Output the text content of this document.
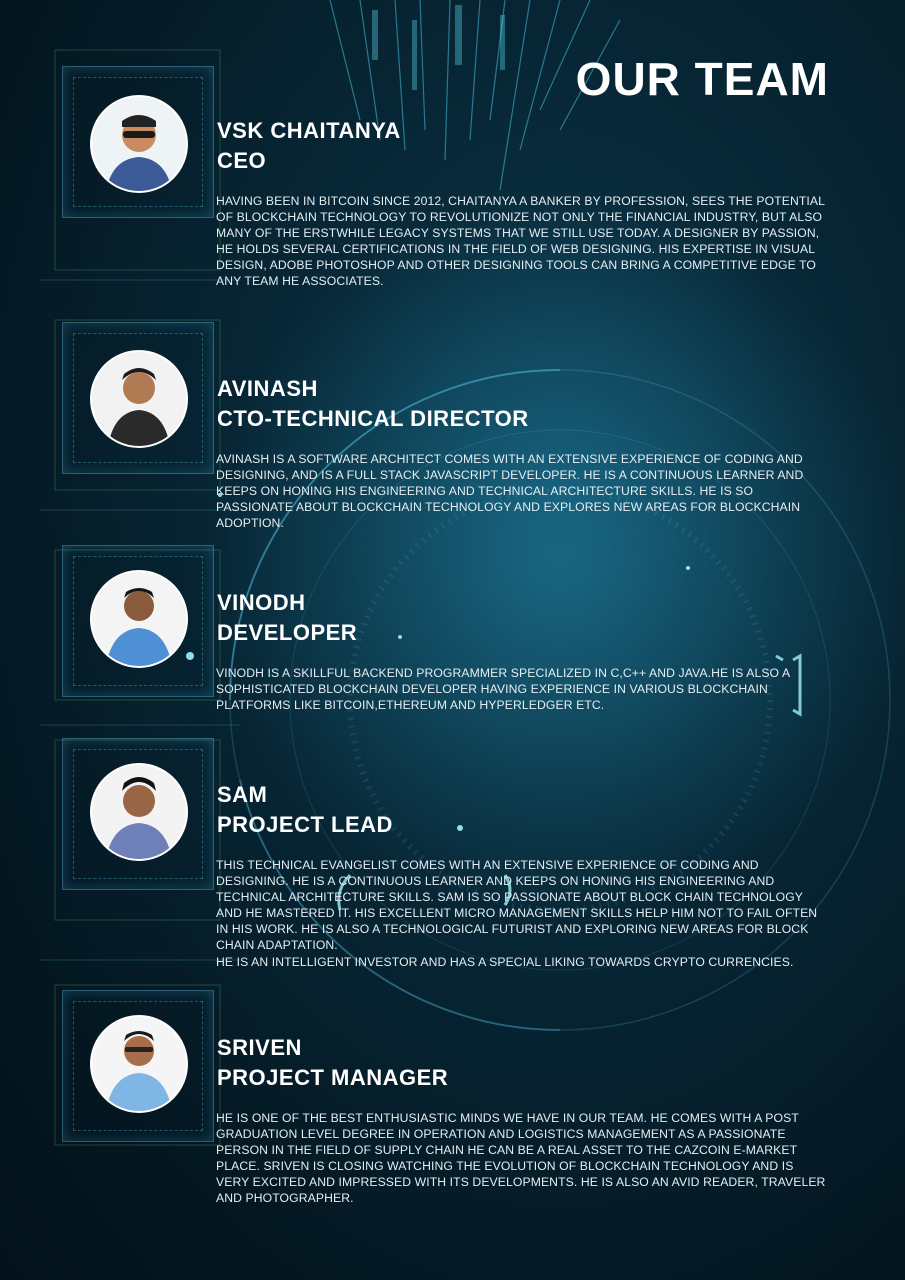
OUR TEAM
VSK CHAITANYA
CEO

HAVING BEEN IN BITCOIN SINCE 2012, CHAITANYA A BANKER BY PROFESSION, SEES THE POTENTIAL OF BLOCKCHAIN TECHNOLOGY TO REVOLUTIONIZE NOT ONLY THE FINANCIAL INDUSTRY, BUT ALSO MANY OF THE ERSTWHILE LEGACY SYSTEMS THAT WE STILL USE TODAY. A DESIGNER BY PASSION, HE HOLDS SEVERAL CERTIFICATIONS IN THE FIELD OF WEB DESIGNING. HIS EXPERTISE IN VISUAL DESIGN, ADOBE PHOTOSHOP AND OTHER DESIGNING TOOLS CAN BRING A COMPETITIVE EDGE TO ANY TEAM HE ASSOCIATES.

AVINASH
CTO-TECHNICAL DIRECTOR

AVINASH IS A SOFTWARE ARCHITECT COMES WITH AN EXTENSIVE EXPERIENCE OF CODING AND DESIGNING, AND IS A FULL STACK JAVASCRIPT DEVELOPER. HE IS A CONTINUOUS LEARNER AND KEEPS ON HONING HIS ENGINEERING AND TECHNICAL ARCHITECTURE SKILLS. HE IS SO PASSIONATE ABOUT BLOCKCHAIN TECHNOLOGY AND EXPLORES NEW AREAS FOR BLOCKCHAIN ADOPTION.

VINODH
DEVELOPER

VINODH IS A SKILLFUL BACKEND PROGRAMMER SPECIALIZED IN C,C++ AND JAVA.HE IS ALSO A SOPHISTICATED BLOCKCHAIN DEVELOPER HAVING EXPERIENCE IN VARIOUS BLOCKCHAIN PLATFORMS LIKE BITCOIN,ETHEREUM AND HYPERLEDGER ETC.

SAM
PROJECT LEAD

THIS TECHNICAL EVANGELIST COMES WITH AN EXTENSIVE EXPERIENCE OF CODING AND DESIGNING. HE IS A CONTINUOUS LEARNER AND KEEPS ON HONING HIS ENGINEERING AND TECHNICAL ARCHITECTURE SKILLS. SAM IS SO PASSIONATE ABOUT BLOCK CHAIN TECHNOLOGY AND HE MASTERED IT. HIS EXCELLENT MICRO MANAGEMENT SKILLS HELP HIM NOT TO FAIL OFTEN IN HIS WORK. HE IS ALSO A TECHNOLOGICAL FUTURIST AND EXPLORING NEW AREAS FOR BLOCK CHAIN ADAPTATION.

HE IS AN INTELLIGENT INVESTOR AND HAS A SPECIAL LIKING TOWARDS CRYPTO CURRENCIES.

SRIVEN
PROJECT MANAGER

HE IS ONE OF THE BEST ENTHUSIASTIC MINDS WE HAVE IN OUR TEAM. HE COMES WITH A POST GRADUATION LEVEL DEGREE IN OPERATION AND LOGISTICS MANAGEMENT AS A PASSIONATE PERSON IN THE FIELD OF SUPPLY CHAIN HE CAN BE A REAL ASSET TO THE CAZCOIN E-MARKET PLACE. SRIVEN IS CLOSING WATCHING THE EVOLUTION OF BLOCKCHAIN TECHNOLOGY AND IS VERY EXCITED AND IMPRESSED WITH ITS DEVELOPMENTS. HE IS ALSO AN AVID READER, TRAVELER AND PHOTOGRAPHER.
